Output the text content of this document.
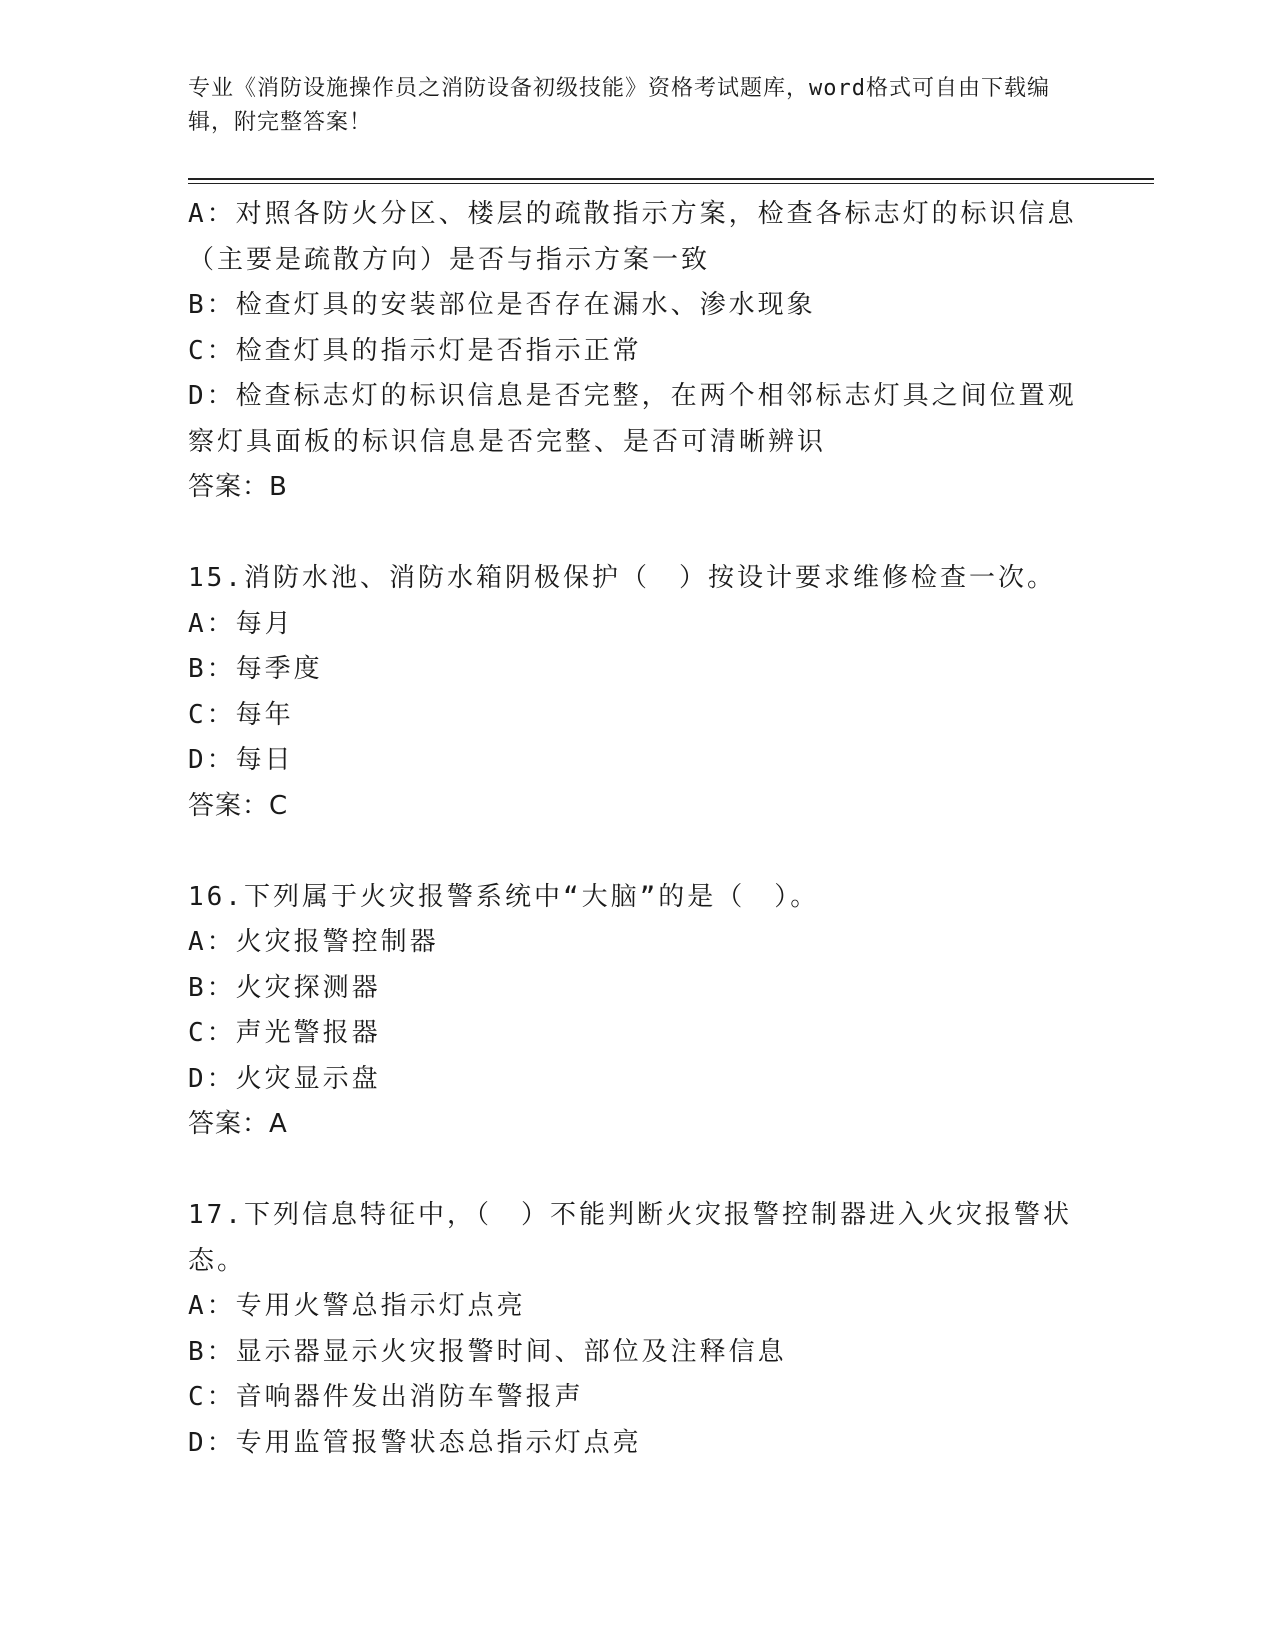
专业《消防设施操作员之消防设备初级技能》资格考试题库，word格式可自由下载编辑，附完整答案！
A：对照各防火分区、楼层的疏散指示方案，检查各标志灯的标识信息（主要是疏散方向）是否与指示方案一致
B：检查灯具的安装部位是否存在漏水、渗水现象
C：检查灯具的指示灯是否指示正常
D：检查标志灯的标识信息是否完整，在两个相邻标志灯具之间位置观察灯具面板的标识信息是否完整、是否可清晰辨识
答案：B
15.消防水池、消防水箱阴极保护（　）按设计要求维修检查一次。
A：每月
B：每季度
C：每年
D：每日
答案：C
16.下列属于火灾报警系统中“大脑”的是（　）。
A：火灾报警控制器
B：火灾探测器
C：声光警报器
D：火灾显示盘
答案：A
17.下列信息特征中，（　）不能判断火灾报警控制器进入火灾报警状态。
A：专用火警总指示灯点亮
B：显示器显示火灾报警时间、部位及注释信息
C：音响器件发出消防车警报声
D：专用监管报警状态总指示灯点亮
